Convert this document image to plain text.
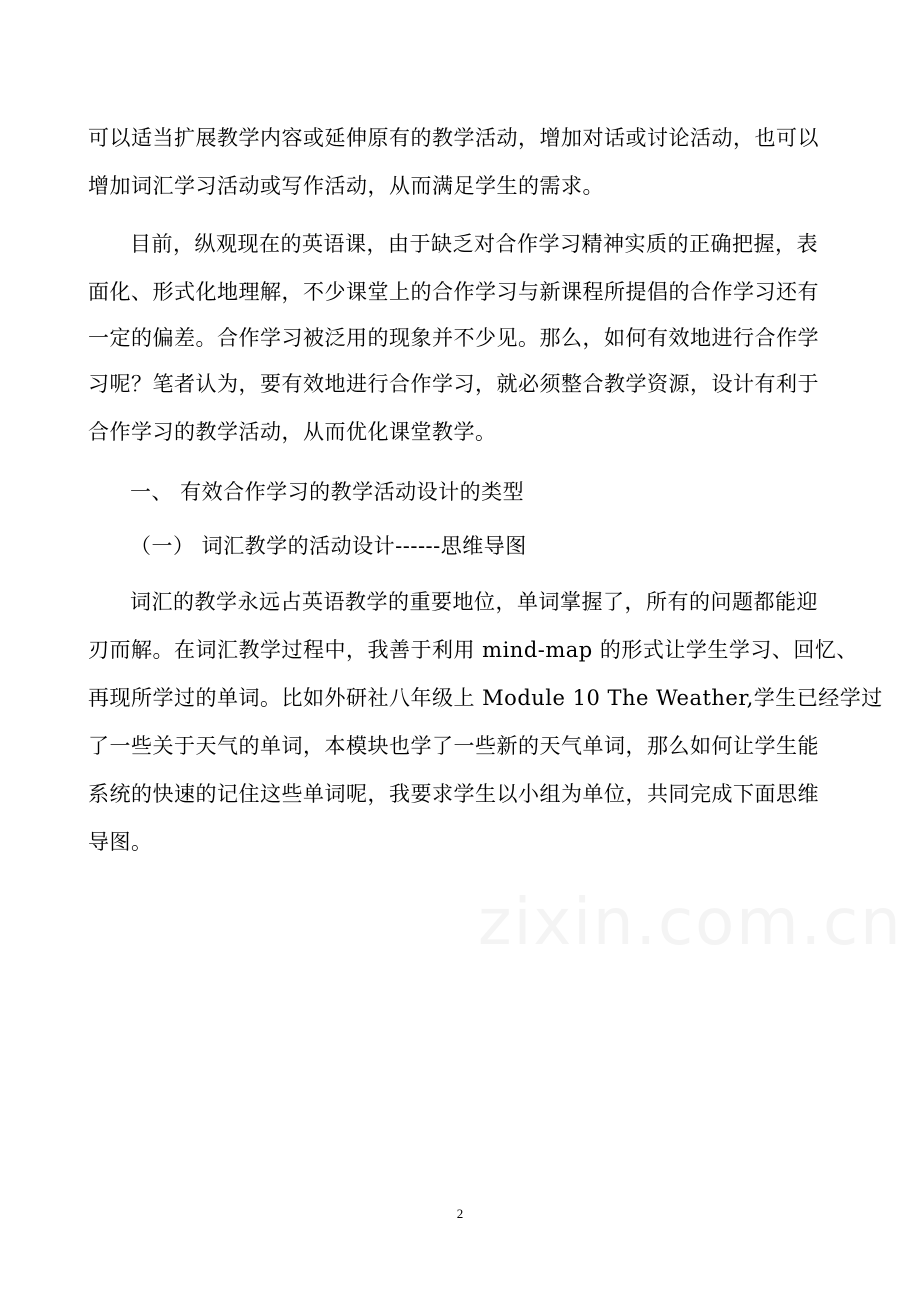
可以适当扩展教学内容或延伸原有的教学活动，增加对话或讨论活动，也可以
增加词汇学习活动或写作活动，从而满足学生的需求。
目前，纵观现在的英语课，由于缺乏对合作学习精神实质的正确把握，表
面化、形式化地理解，不少课堂上的合作学习与新课程所提倡的合作学习还有
一定的偏差。合作学习被泛用的现象并不少见。那么，如何有效地进行合作学
习呢？笔者认为，要有效地进行合作学习，就必须整合教学资源，设计有利于
合作学习的教学活动，从而优化课堂教学。
一、 有效合作学习的教学活动设计的类型
（一） 词汇教学的活动设计------思维导图
词汇的教学永远占英语教学的重要地位，单词掌握了，所有的问题都能迎
刃而解。在词汇教学过程中，我善于利用 mind-map 的形式让学生学习、回忆、
再现所学过的单词。比如外研社八年级上 Module 10 The Weather,学生已经学过
了一些关于天气的单词，本模块也学了一些新的天气单词，那么如何让学生能
系统的快速的记住这些单词呢，我要求学生以小组为单位，共同完成下面思维
导图。
zixin.com.cn
2
